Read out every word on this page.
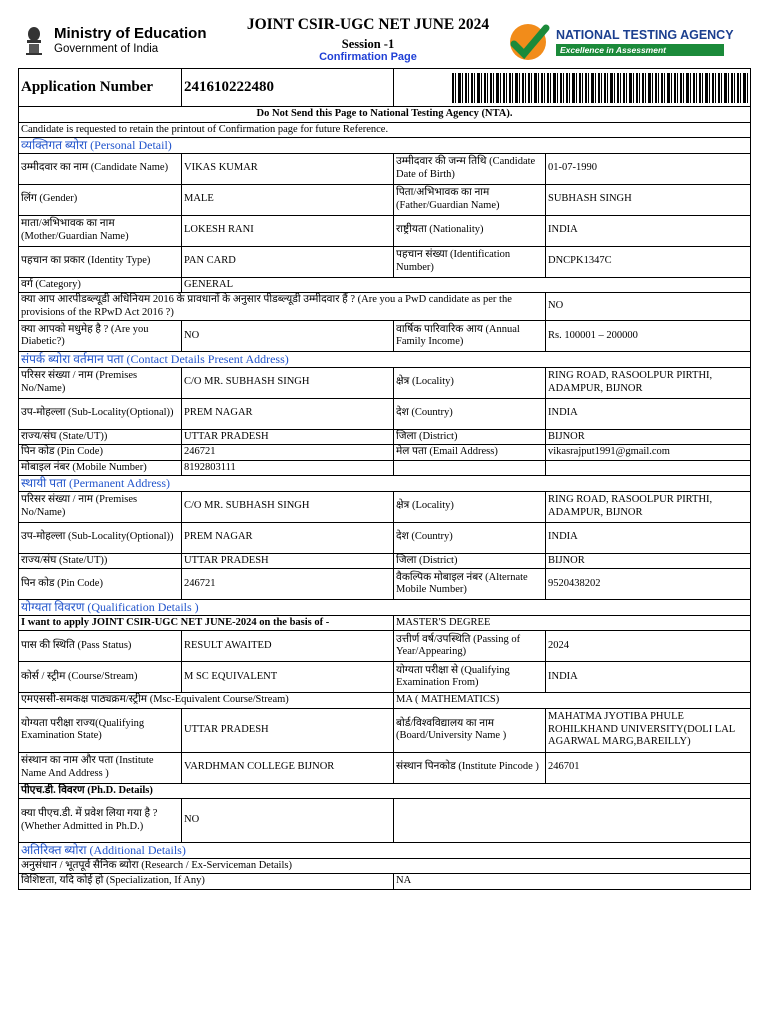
Ministry of Education
Government of India
JOINT CSIR-UGC NET JUNE 2024
Session -1
Confirmation Page
NATIONAL TESTING AGENCY
Excellence in Assessment
Application Number	241610222480		

Do Not Send this Page to National Testing Agency (NTA).			
Candidate is requested to retain the printout of Confirmation page for future Reference.			
व्यक्तिगत ब्योरा (Personal Detail)			
उम्मीदवार का नाम (Candidate Name)	VIKAS KUMAR	उम्मीदवार की जन्म तिथि (Candidate Date of Birth)	01-07-1990
लिंग (Gender)	MALE	पिता/अभिभावक का नाम (Father/Guardian Name)	SUBHASH SINGH
माता/अभिभावक का नाम (Mother/Guardian Name)	LOKESH RANI	राष्ट्रीयता (Nationality)	INDIA
पहचान का प्रकार (Identity Type)	PAN CARD	पहचान संख्या (Identification Number)	DNCPK1347C
वर्ग (Category)	GENERAL		
क्या आप आरपीडब्ल्यूडी अधिनियम 2016 के प्रावधानों के अनुसार पीडब्ल्यूडी उम्मीदवार हैं ? (Are you a PwD candidate as per the provisions of the RPwD Act 2016 ?)			NO
क्या आपको मधुमेह है ? (Are you Diabetic?)	NO	वार्षिक पारिवारिक आय (Annual Family Income)	Rs. 100001 – 200000
संपर्क ब्योरा वर्तमान पता (Contact Details Present Address)			
परिसर संख्या / नाम (Premises No/Name)	C/O MR. SUBHASH SINGH	क्षेत्र (Locality)	RING ROAD, RASOOLPUR PIRTHI, ADAMPUR, BIJNOR
उप-मोहल्ला (Sub-Locality(Optional))	PREM NAGAR	देश (Country)	INDIA
राज्य/संघ (State/UT))	UTTAR PRADESH	जिला (District)	BIJNOR
पिन कोड (Pin Code)	246721	मेल पता (Email Address)	vikasrajput1991@gmail.com
मोबाइल नंबर (Mobile Number)	8192803111		
स्थायी पता (Permanent Address)			
परिसर संख्या / नाम (Premises No/Name)	C/O MR. SUBHASH SINGH	क्षेत्र (Locality)	RING ROAD, RASOOLPUR PIRTHI, ADAMPUR, BIJNOR
उप-मोहल्ला (Sub-Locality(Optional))	PREM NAGAR	देश (Country)	INDIA
राज्य/संघ (State/UT))	UTTAR PRADESH	जिला (District)	BIJNOR
पिन कोड (Pin Code)	246721	वैकल्पिक मोबाइल नंबर (Alternate Mobile Number)	9520438202
योग्यता विवरण (Qualification Details )			
I want to apply JOINT CSIR-UGC NET JUNE-2024 on the basis of -		MASTER'S DEGREE	
पास की स्थिति (Pass Status)	RESULT AWAITED	उत्तीर्ण वर्ष/उपस्थिति (Passing of Year/Appearing)	2024
कोर्स / स्ट्रीम (Course/Stream)	M SC EQUIVALENT	योग्यता परीक्षा से (Qualifying Examination From)	INDIA
एमएससी-समकक्ष पाठ्यक्रम/स्ट्रीम (Msc-Equivalent Course/Stream)		MA ( MATHEMATICS)	
योग्यता परीक्षा राज्य(Qualifying Examination State)	UTTAR PRADESH	बोर्ड/विश्वविद्यालय का नाम (Board/University Name )	MAHATMA JYOTIBA PHULE ROHILKHAND UNIVERSITY(DOLI LAL AGARWAL MARG,BAREILLY)
संस्थान का नाम और पता (Institute Name And Address )	VARDHMAN COLLEGE BIJNOR	संस्थान पिनकोड (Institute Pincode )	246701
पीएच.डी. विवरण (Ph.D. Details)			
क्या पीएच.डी. में प्रवेश लिया गया है ? (Whether Admitted in Ph.D.)	NO		
अतिरिक्त ब्योरा (Additional Details)			
अनुसंधान / भूतपूर्व सैनिक ब्योरा (Research / Ex-Serviceman Details)			
विशिष्टता, यदि कोई हो (Specialization, If Any)		NA	
